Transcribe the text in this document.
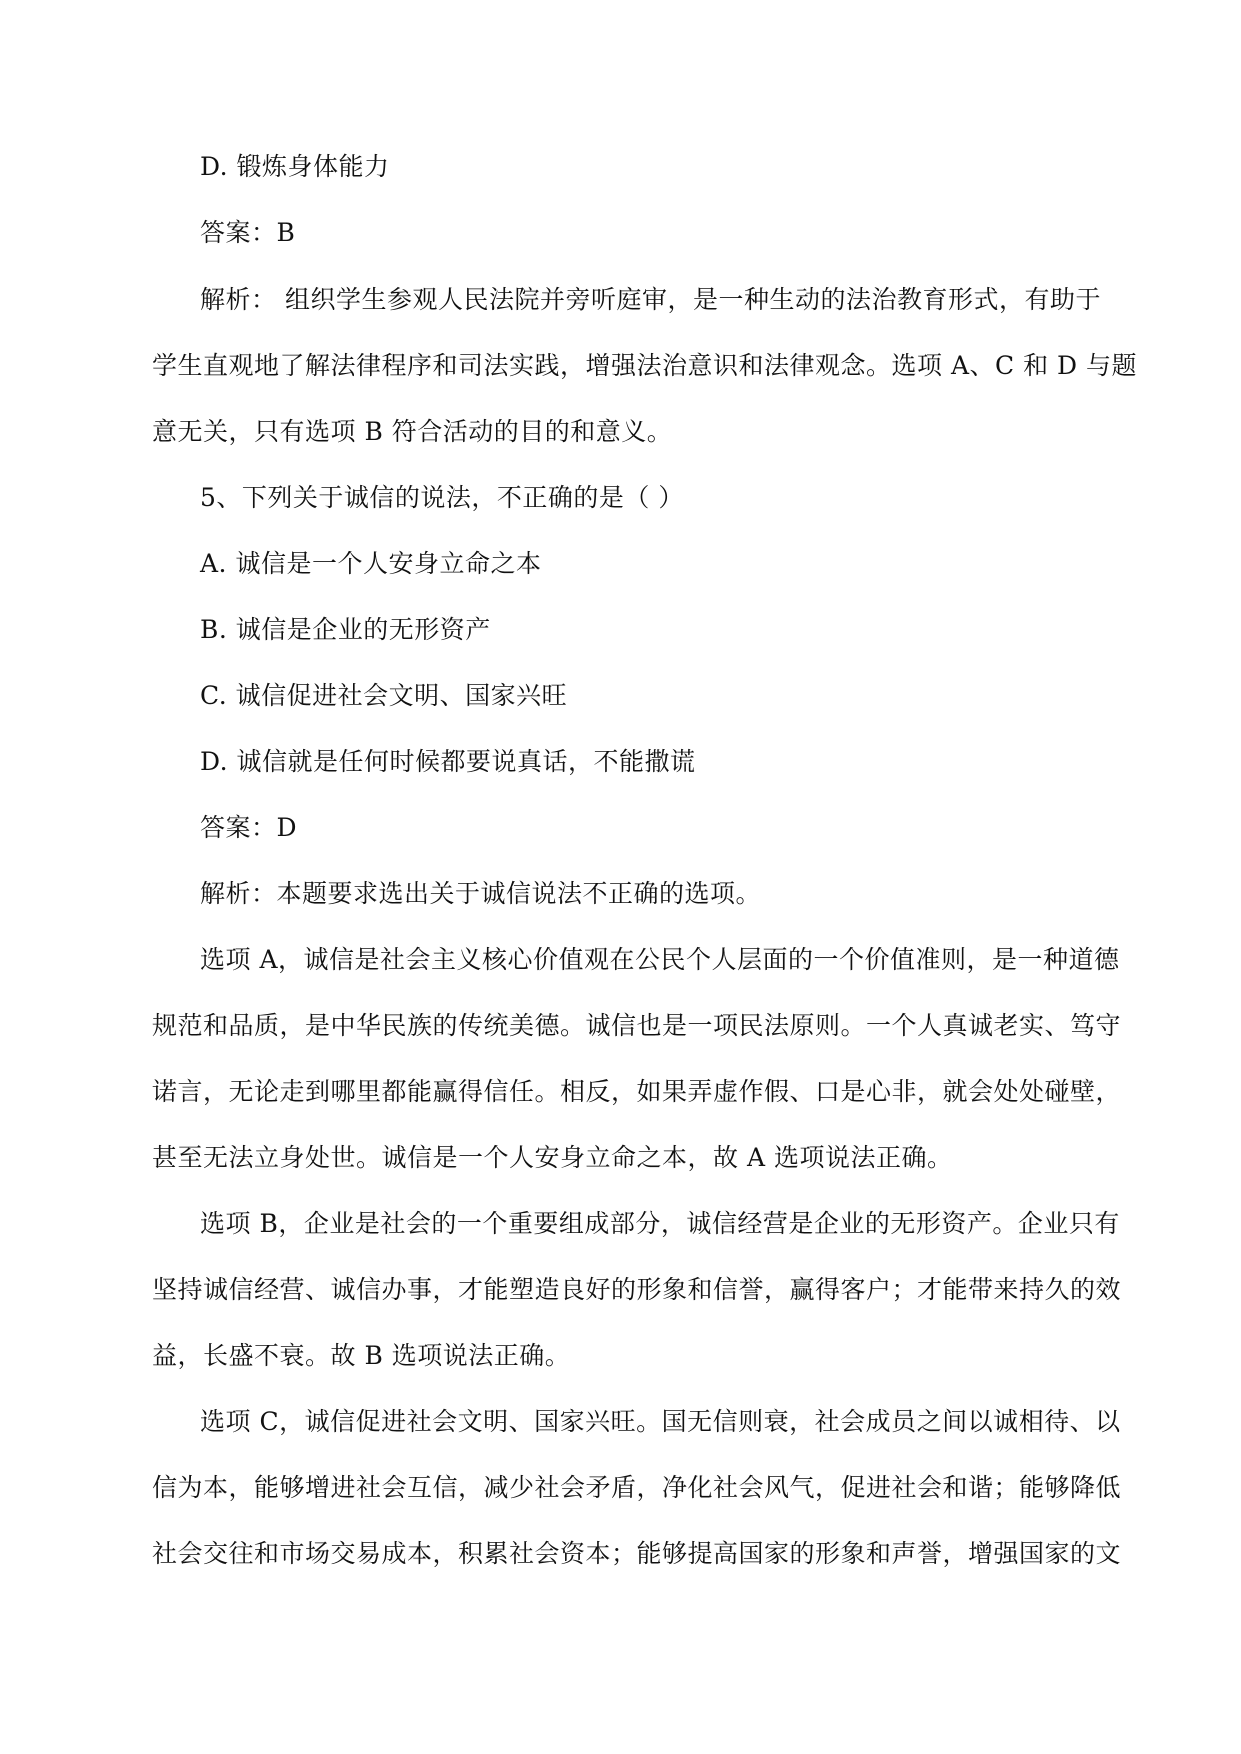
D. 锻炼身体能力
答案：B
解析： 组织学生参观人民法院并旁听庭审，是一种生动的法治教育形式，有助于
学生直观地了解法律程序和司法实践，增强法治意识和法律观念。选项 A、C 和 D 与题
意无关，只有选项 B 符合活动的目的和意义。
5、下列关于诚信的说法，不正确的是（ ）
A. 诚信是一个人安身立命之本
B. 诚信是企业的无形资产
C. 诚信促进社会文明、国家兴旺
D. 诚信就是任何时候都要说真话，不能撒谎
答案：D
解析：本题要求选出关于诚信说法不正确的选项。
选项 A，诚信是社会主义核心价值观在公民个人层面的一个价值准则，是一种道德
规范和品质，是中华民族的传统美德。诚信也是一项民法原则。一个人真诚老实、笃守
诺言，无论走到哪里都能赢得信任。相反，如果弄虚作假、口是心非，就会处处碰壁，
甚至无法立身处世。诚信是一个人安身立命之本，故 A 选项说法正确。
选项 B，企业是社会的一个重要组成部分，诚信经营是企业的无形资产。企业只有
坚持诚信经营、诚信办事，才能塑造良好的形象和信誉，赢得客户；才能带来持久的效
益，长盛不衰。故 B 选项说法正确。
选项 C，诚信促进社会文明、国家兴旺。国无信则衰，社会成员之间以诚相待、以
信为本，能够增进社会互信，减少社会矛盾，净化社会风气，促进社会和谐；能够降低
社会交往和市场交易成本，积累社会资本；能够提高国家的形象和声誉，增强国家的文
